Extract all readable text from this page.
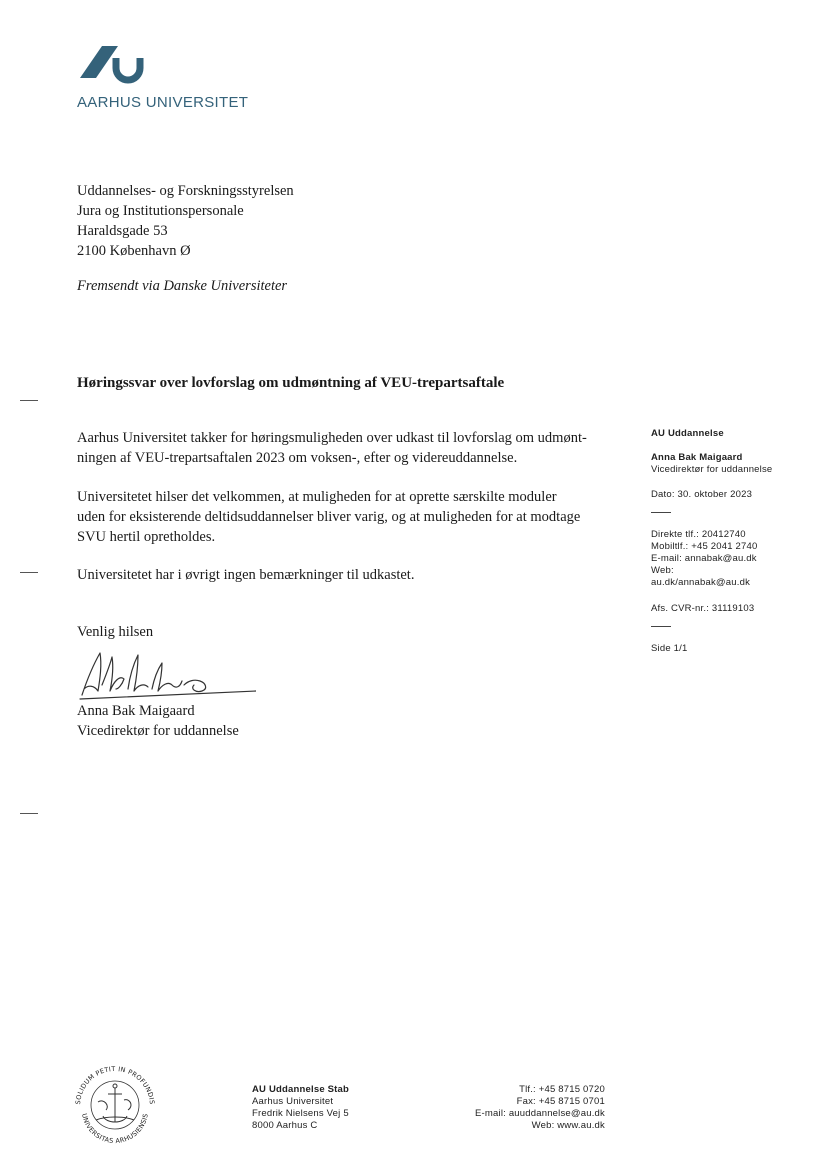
AARHUS UNIVERSITET
Uddannelses- og Forskningsstyrelsen
Jura og Institutionspersonale
Haraldsgade 53
2100 København Ø
Fremsendt via Danske Universiteter
Høringssvar over lovforslag om udmøntning af VEU-trepartsaftale
Aarhus Universitet takker for høringsmuligheden over udkast til lovforslag om udmønt-
ningen af VEU-trepartsaftalen 2023 om voksen-, efter og videreuddannelse.
Universitetet hilser det velkommen, at muligheden for at oprette særskilte moduler
uden for eksisterende deltidsuddannelser bliver varig, og at muligheden for at modtage
SVU hertil opretholdes.
Universitetet har i øvrigt ingen bemærkninger til udkastet.
Venlig hilsen
Anna Bak Maigaard
Vicedirektør for uddannelse
AU Uddannelse
Anna Bak Maigaard
Vicedirektør for uddannelse
Dato: 30. oktober 2023
Direkte tlf.: 20412740
Mobiltlf.: +45 2041 2740
E-mail: annabak@au.dk
Web:
au.dk/annabak@au.dk
Afs. CVR-nr.: 31119103
Side 1/1
SOLIDUM PETIT IN PROFUNDIS
UNIVERSITAS ARHUSIENSIS
AU Uddannelse Stab
Aarhus Universitet
Fredrik Nielsens Vej 5
8000 Aarhus C
Tlf.: +45 8715 0720
Fax: +45 8715 0701
E-mail: auuddannelse@au.dk
Web: www.au.dk
